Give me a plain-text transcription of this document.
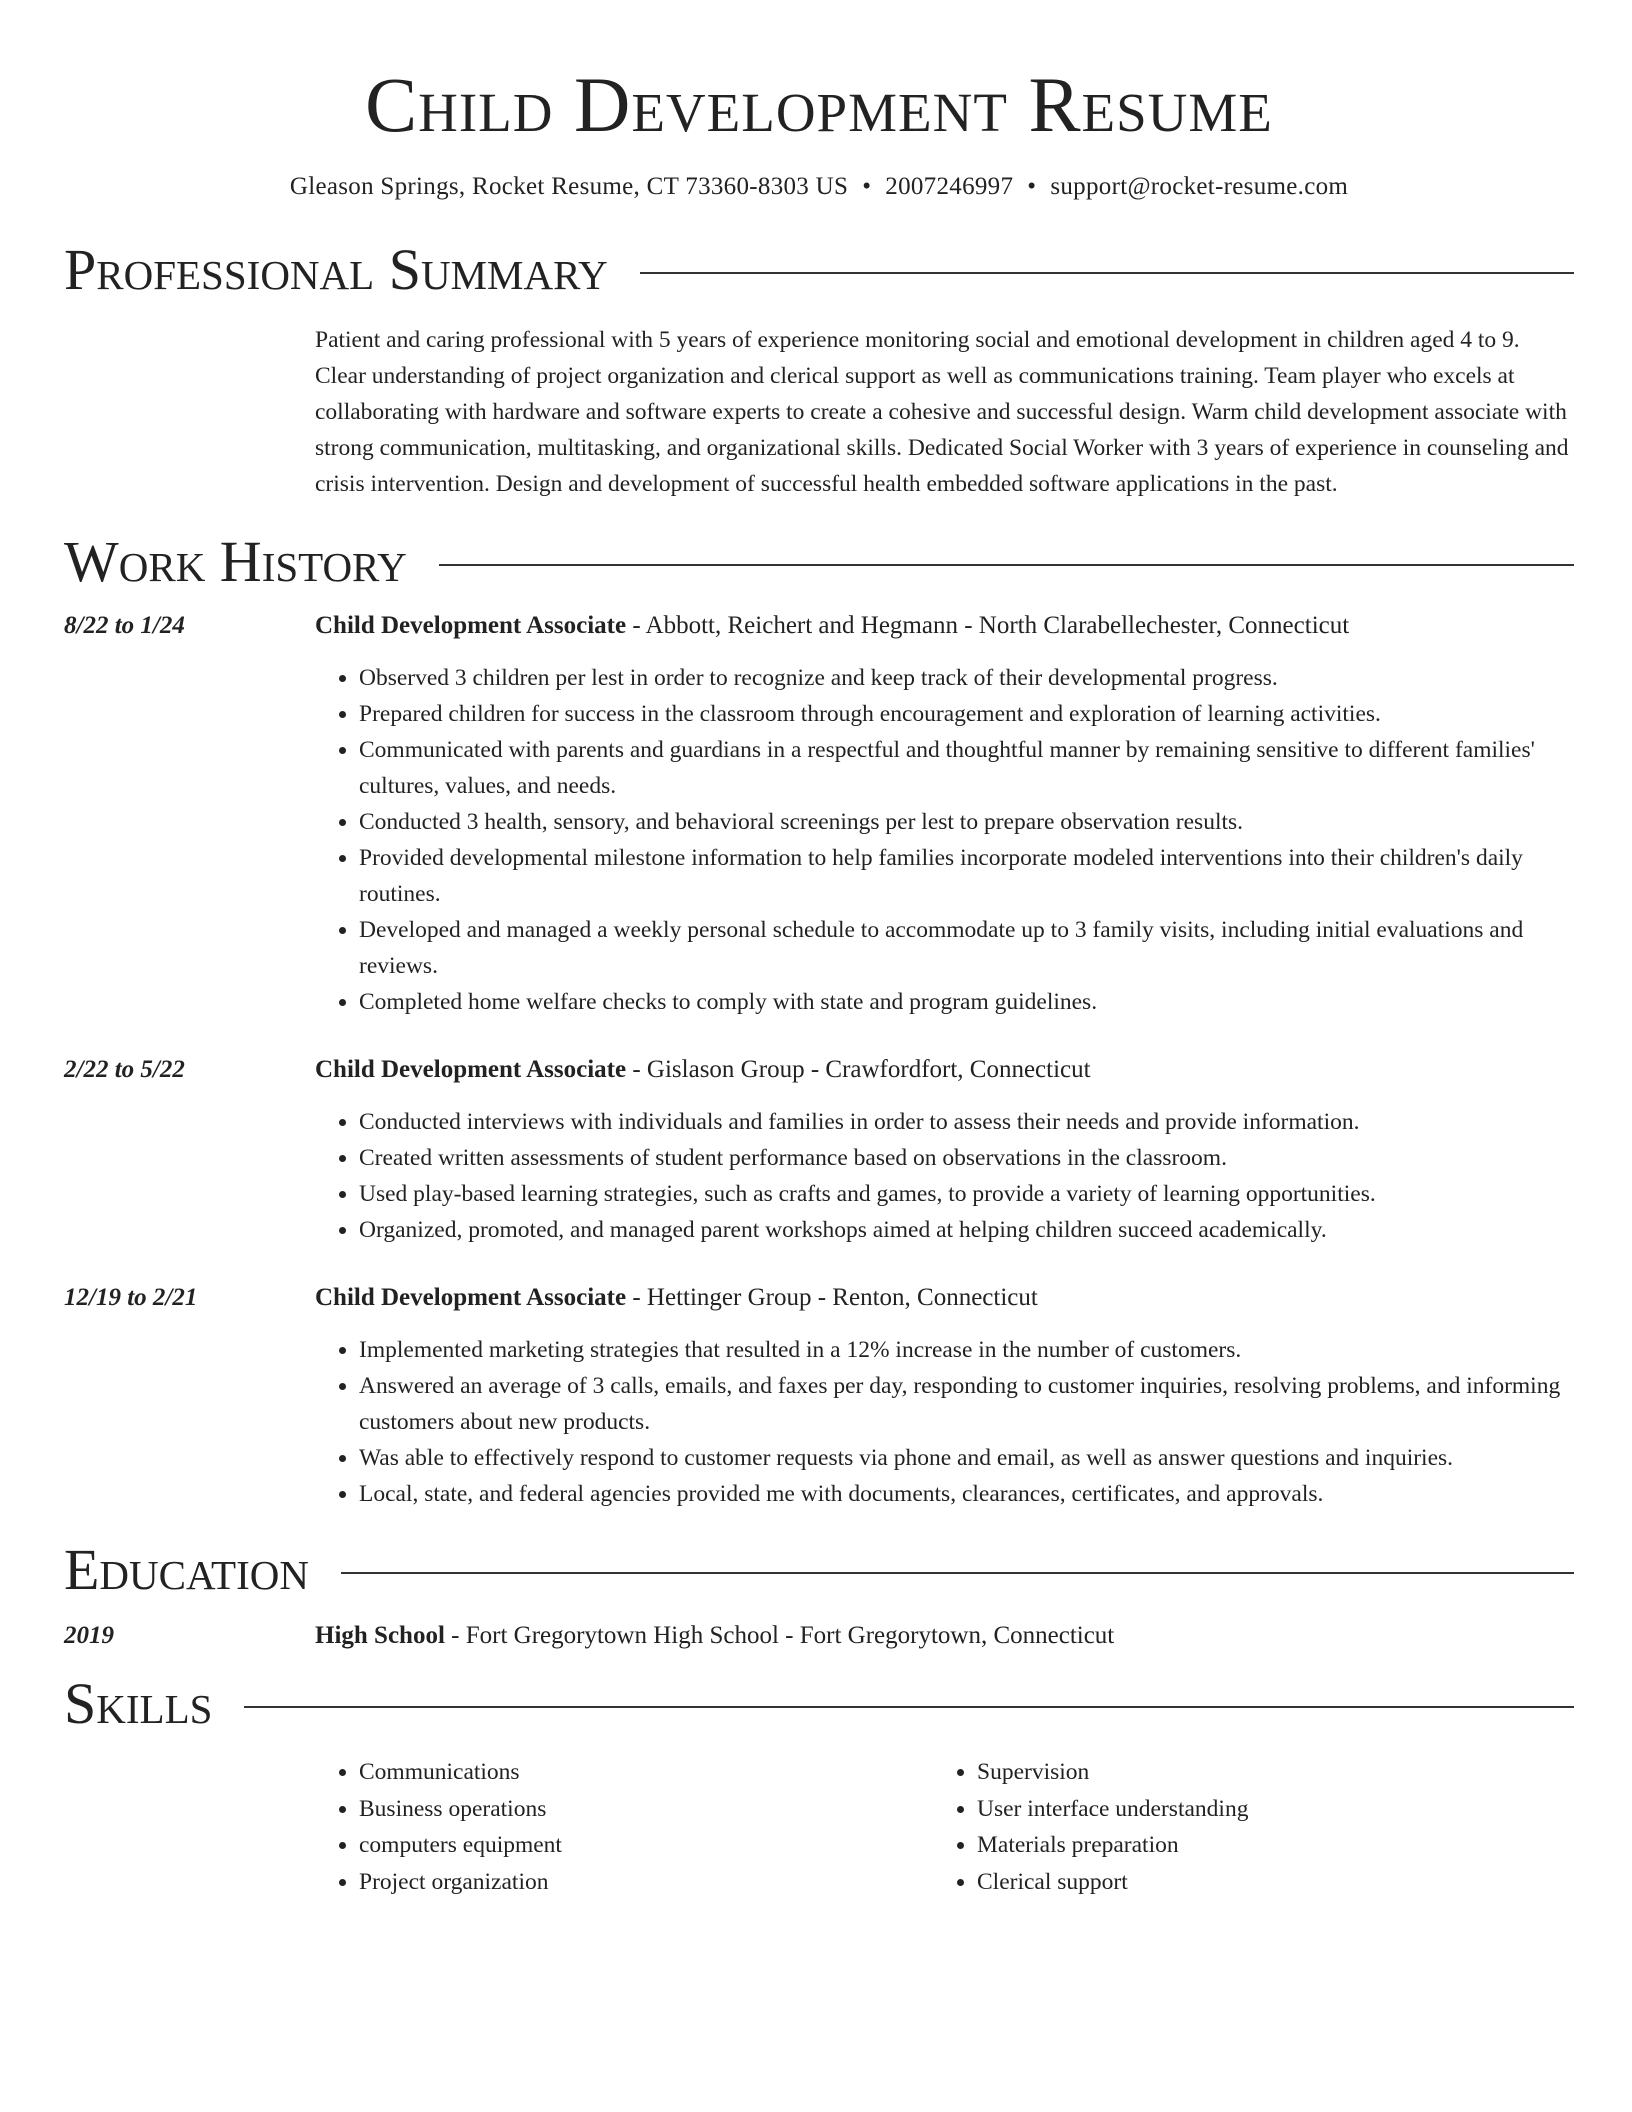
Child Development Resume
Gleason Springs, Rocket Resume, CT 73360-8303 US • 2007246997 • support@rocket-resume.com
Professional Summary

Patient and caring professional with 5 years of experience monitoring social and emotional development in children aged 4 to 9. Clear understanding of project organization and clerical support as well as communications training. Team player who excels at collaborating with hardware and software experts to create a cohesive and successful design. Warm child development associate with strong communication, multitasking, and organizational skills. Dedicated Social Worker with 3 years of experience in counseling and crisis intervention. Design and development of successful health embedded software applications in the past.

Work History
8/22 to 1/24	Child Development Associate - Abbott, Reichert and Hegmann - North Clarabellechester, Connecticut
• Observed 3 children per lest in order to recognize and keep track of their developmental progress.
• Prepared children for success in the classroom through encouragement and exploration of learning activities.
• Communicated with parents and guardians in a respectful and thoughtful manner by remaining sensitive to different families' cultures, values, and needs.
• Conducted 3 health, sensory, and behavioral screenings per lest to prepare observation results.
• Provided developmental milestone information to help families incorporate modeled interventions into their children's daily routines.
• Developed and managed a weekly personal schedule to accommodate up to 3 family visits, including initial evaluations and reviews.
• Completed home welfare checks to comply with state and program guidelines.
2/22 to 5/22	Child Development Associate - Gislason Group - Crawfordfort, Connecticut
• Conducted interviews with individuals and families in order to assess their needs and provide information.
• Created written assessments of student performance based on observations in the classroom.
• Used play-based learning strategies, such as crafts and games, to provide a variety of learning opportunities.
• Organized, promoted, and managed parent workshops aimed at helping children succeed academically.
12/19 to 2/21	Child Development Associate - Hettinger Group - Renton, Connecticut
• Implemented marketing strategies that resulted in a 12% increase in the number of customers.
• Answered an average of 3 calls, emails, and faxes per day, responding to customer inquiries, resolving problems, and informing customers about new products.
• Was able to effectively respond to customer requests via phone and email, as well as answer questions and inquiries.
• Local, state, and federal agencies provided me with documents, clearances, certificates, and approvals.
Education
2019	High School - Fort Gregorytown High School - Fort Gregorytown, Connecticut
Skills
• Communications
• Business operations
• computers equipment
• Project organization
• Supervision
• User interface understanding
• Materials preparation
• Clerical support
